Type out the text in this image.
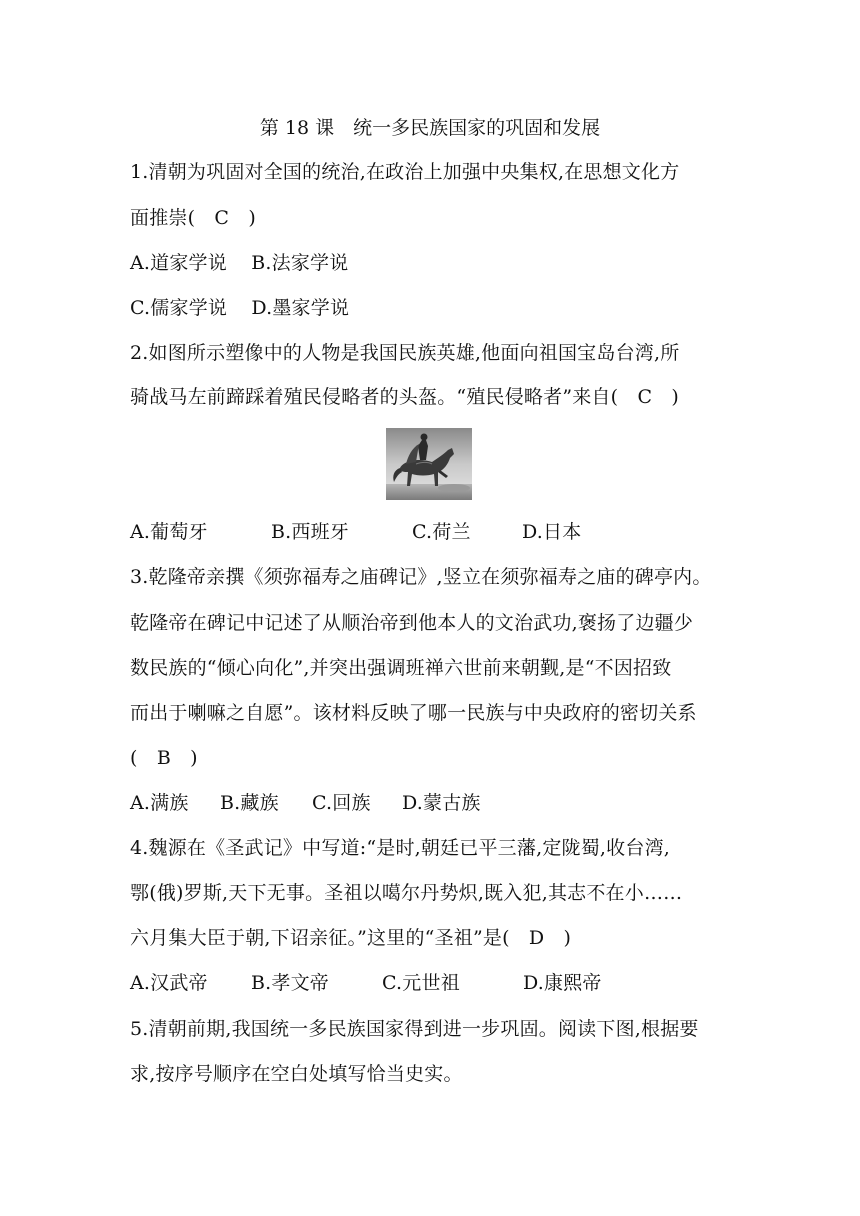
第 18 课　统一多民族国家的巩固和发展
1.清朝为巩固对全国的统治,在政治上加强中央集权,在思想文化方
面推崇(　C　)
A.道家学说 B.法家学说
C.儒家学说 D.墨家学说
2.如图所示塑像中的人物是我国民族英雄,他面向祖国宝岛台湾,所
骑战马左前蹄踩着殖民侵略者的头盔。“殖民侵略者”来自(　C　)
A.葡萄牙	B.西班牙	C.荷兰	D.日本
3.乾隆帝亲撰《须弥福寿之庙碑记》,竖立在须弥福寿之庙的碑亭内。
乾隆帝在碑记中记述了从顺治帝到他本人的文治武功,褒扬了边疆少
数民族的“倾心向化”,并突出强调班禅六世前来朝觐,是“不因招致
而出于喇嘛之自愿”。该材料反映了哪一民族与中央政府的密切关系
(　B　)
A.满族 B.藏族 C.回族 D.蒙古族
4.魏源在《圣武记》中写道:“是时,朝廷已平三藩,定陇蜀,收台湾,
鄂(俄)罗斯,天下无事。圣祖以噶尔丹势炽,既入犯,其志不在小……
六月集大臣于朝,下诏亲征。”这里的“圣祖”是(　D　)
A.汉武帝 B.孝文帝	C.元世祖	D.康熙帝
5.清朝前期,我国统一多民族国家得到进一步巩固。阅读下图,根据要
求,按序号顺序在空白处填写恰当史实。
